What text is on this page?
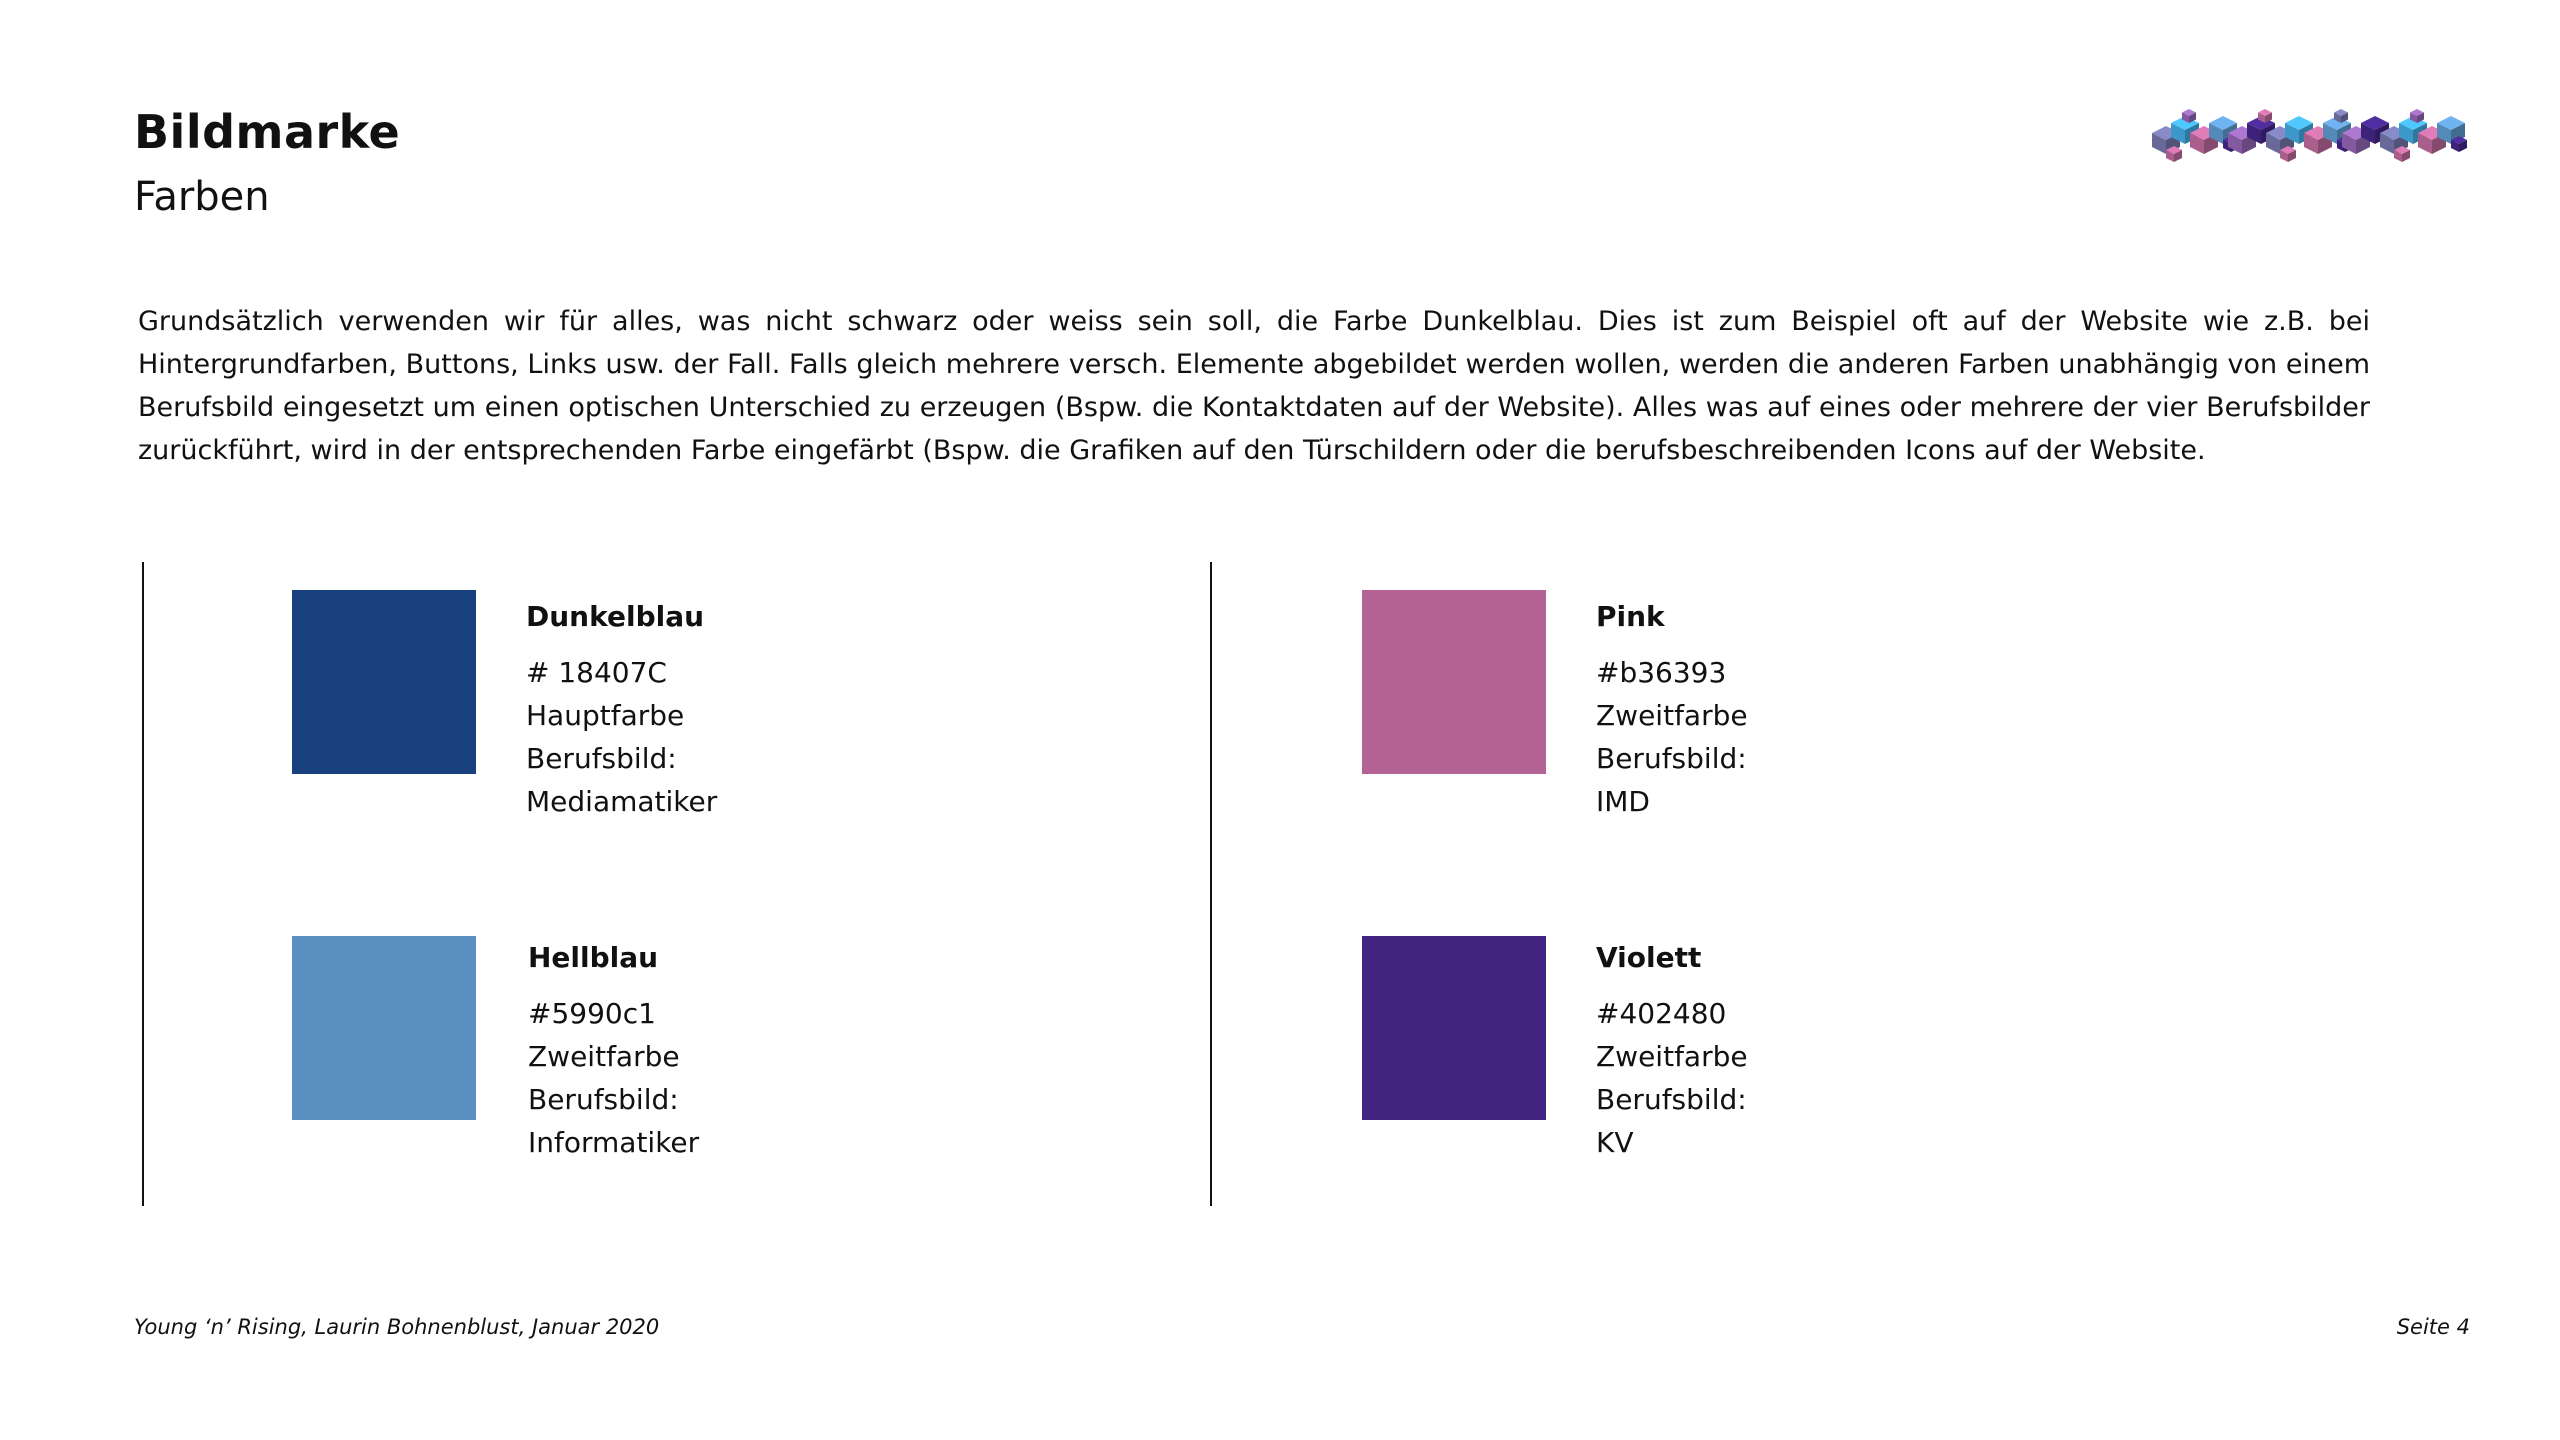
Bildmarke
Farben

Grundsätzlich verwenden wir für alles, was nicht schwarz oder weiss sein soll, die Farbe Dunkelblau. Dies ist zum Beispiel oft auf der Website wie z.B. bei Hintergrundfarben, Buttons, Links usw. der Fall. Falls gleich mehrere versch. Elemente abgebildet werden wollen, werden die anderen Farben unabhängig von einem Berufsbild eingesetzt um einen optischen Unterschied zu erzeugen (Bspw. die Kontaktdaten auf der Website). Alles was auf eines oder mehrere der vier Berufsbilder zurückführt, wird in der entsprechenden Farbe eingefärbt (Bspw. die Grafiken auf den Türschildern oder die berufsbeschreibenden Icons auf der Website.

Dunkelblau
# 18407C
Hauptfarbe
Berufsbild: Mediamatiker
Pink
#b36393
Zweitfarbe
Berufsbild: IMD
Hellblau
#5990c1
Zweitfarbe
Berufsbild: Informatiker
Violett
#402480
Zweitfarbe
Berufsbild: KV
Young ‘n’ Rising, Laurin Bohnenblust, Januar 2020	Seite 4
